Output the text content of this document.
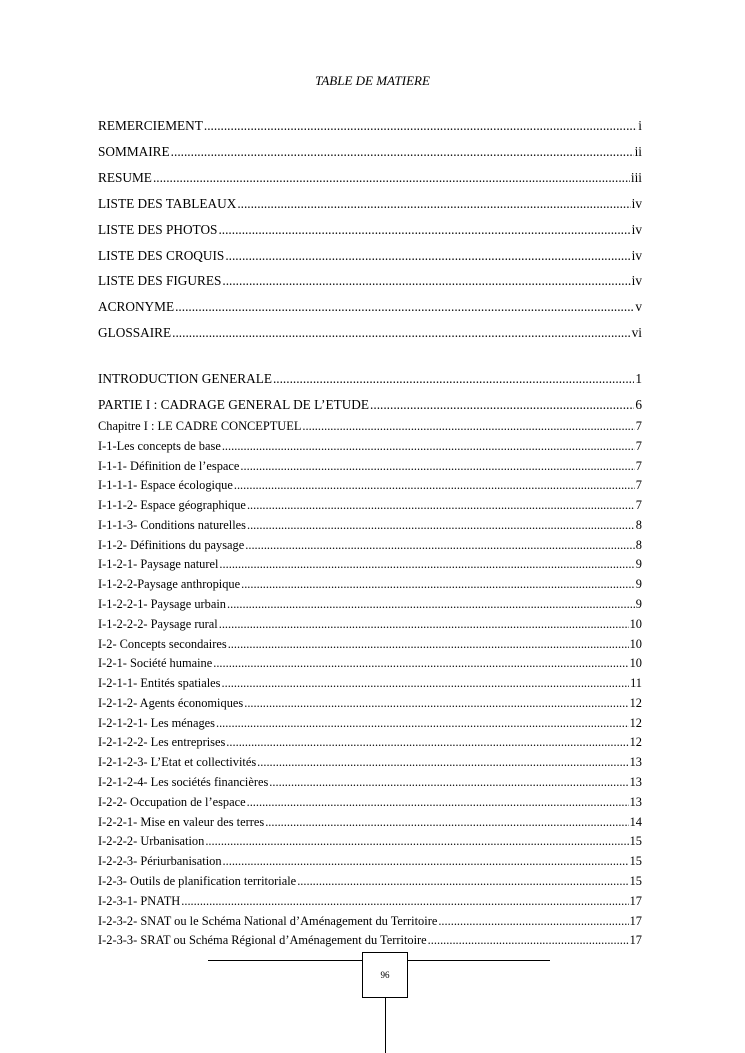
TABLE DE MATIERE
REMERCIEMENT .....	i
SOMMAIRE .....	ii
RESUME .....	iii
LISTE DES TABLEAUX .....	iv
LISTE DES PHOTOS .....	iv
LISTE DES CROQUIS .....	iv
LISTE DES FIGURES .....	iv
ACRONYME .....	v
GLOSSAIRE .....	vi
INTRODUCTION GENERALE .....	1
PARTIE I : CADRAGE GENERAL DE L’ETUDE .....	6
Chapitre I : LE CADRE CONCEPTUEL .....	7
I-1-Les concepts de base .....	7
I-1-1- Définition de l’espace .....	7
I-1-1-1- Espace écologique .....	7
I-1-1-2- Espace géographique .....	7
I-1-1-3- Conditions naturelles .....	8
I-1-2- Définitions du paysage .....	8
I-1-2-1- Paysage naturel .....	9
I-1-2-2-Paysage anthropique .....	9
I-1-2-2-1- Paysage urbain .....	9
I-1-2-2-2- Paysage rural .....	10
I-2- Concepts secondaires .....	10
I-2-1- Société humaine .....	10
I-2-1-1- Entités spatiales .....	11
I-2-1-2- Agents économiques .....	12
I-2-1-2-1- Les ménages .....	12
I-2-1-2-2- Les entreprises .....	12
I-2-1-2-3- L’Etat et collectivités .....	13
I-2-1-2-4- Les sociétés financières .....	13
I-2-2- Occupation de l’espace .....	13
I-2-2-1- Mise en valeur des terres .....	14
I-2-2-2- Urbanisation .....	15
I-2-2-3- Périurbanisation .....	15
I-2-3- Outils de planification territoriale .....	15
I-2-3-1- PNATH .....	17
I-2-3-2- SNAT ou le Schéma National d’Aménagement du Territoire .....	17
I-2-3-3- SRAT ou Schéma Régional d’Aménagement du Territoire .....	17
96
